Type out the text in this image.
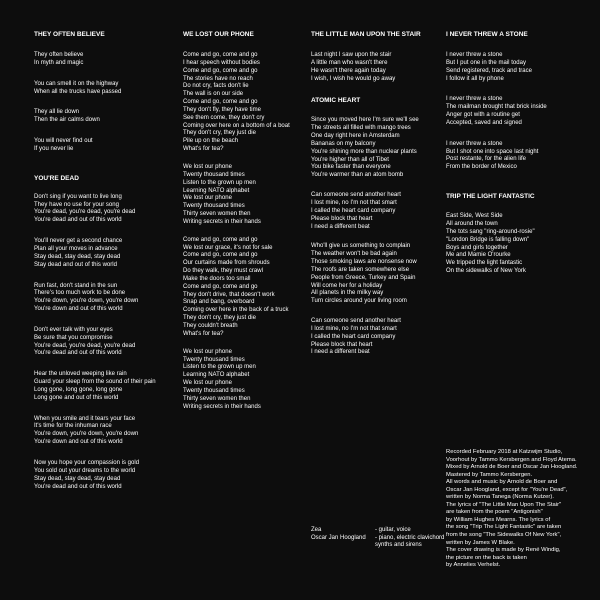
THEY OFTEN BELIEVE
They often believe
In myth and magic
You can smell it on the highway
When all the trucks have passed
They all lie down
Then the air calms down
You will never find out
If you never lie
YOU'RE DEAD
Don't sing if you want to live long
They have no use for your song
You're dead, you're dead, you're dead
You're dead and out of this world
You'll never get a second chance
Plan all your moves in advance
Stay dead, stay dead, stay dead
Stay dead and out of this world
Run fast, don't stand in the sun
There's too much work to be done
You're down, you're down, you're down
You're down and out of this world
Don't ever talk with your eyes
Be sure that you compromise
You're dead, you're dead, you're dead
You're dead and out of this world
Hear the unloved weeping like rain
Guard your sleep from the sound of their pain
Long gone, long gone, long gone
Long gone and out of this world
When you smile and it tears your face
It's time for the inhuman race
You're down, you're down, you're down
You're down and out of this world
Now you hope your compassion is gold
You sold out your dreams to the world
Stay dead, stay dead, stay dead
You're dead and out of this world
WE LOST OUR PHONE
Come and go, come and go
I hear speech without bodies
Come and go, come and go
The stories have no reach
Do not cry, facts don't lie
The wall is on our side
Come and go, come and go
They don't fly, they have time
See them come, they don't cry
Coming over here on a bottom of a boat
They don't cry, they just die
Pile up on the beach
What's for tea?
We lost our phone
Twenty thousand times
Listen to the grown up men
Learning NATO alphabet
We lost our phone
Twenty thousand times
Thirty seven women then
Writing secrets in their hands
Come and go, come and go
We lost our grace, it's not for sale
Come and go, come and go
Our curtains made from shrouds
Do they walk, they must crawl
Make the doors too small
Come and go, come and go
They don't drive, that doesn't work
Snap and bang, overboard
Coming over here in the back of a truck
They don't cry, they just die
They couldn't breath
What's for tea?
We lost our phone
Twenty thousand times
Listen to the grown up men
Learning NATO alphabet
We lost our phone
Twenty thousand times
Thirty seven women then
Writing secrets in their hands
THE LITTLE MAN UPON THE STAIR
Last night I saw upon the stair
A little man who wasn't there
He wasn't there again today
I wish, I wish he would go away
ATOMIC HEART
Since you moved here I'm sure we'll see
The streets all filled with mango trees
One day right here in Amsterdam
Bananas on my balcony
You're shining more than nuclear plants
You're higher than all of Tibet
You bike faster than everyone
You're warmer than an atom bomb
Can someone send another heart
I lost mine, no I'm not that smart
I called the heart card company
Please block that heart
I need a different beat
Who'll give us something to complain
The weather won't be bad again
Those smoking laws are nonsense now
The roofs are taken somewhere else
People from Greece, Turkey and Spain
Will come her for a holiday
All planets in the milky way
Turn circles around your living room
Can someone send another heart
I lost mine, no I'm not that smart
I called the heart card company
Please block that heart
I need a different beat
Zea	- guitar, voice
Oscar Jan Hoogland	- piano, electric clavichord
synths and sirens
I NEVER THREW A STONE
I never threw a stone
But I put one in the mail today
Send registered, track and trace
I follow it all by phone
I never threw a stone
The mailman brought that brick inside
Anger got with a routine get
Accepted, saved and signed
I never threw a stone
But I shot one into space last night
Post restante, for the alien life
From the border of Mexico
TRIP THE LIGHT FANTASTIC
East Side, West Side
All around the town
The tots sang "ring-around-rosie"
"London Bridge is falling down"
Boys and girls together
Me and Mamie O'rourke
We tripped the light fantastic
On the sidewalks of New York
Recorded February 2018 at Katzwijm Studio,
Voorhout by Tammo Kersbergen and Floyd Atema.
Mixed by Arnold de Boer and Oscar Jan Hoogland.
Mastered by Tammo Kersbergen.
All words and music by Arnold de Boer and
Oscar Jan Hoogland, except for "You're Dead",
written by Norma Tanega (Norma Kutzer).
The lyrics of "The Little Man Upon The Stair"
are taken from the poem "Antigonish"
by William Hughes Mearns. The lyrics of
the song "Trip The Light Fantastic" are taken
from the song "The Sidewalks Of New York",
written by James W Blake.
The cover drawing is made by René Windig,
the picture on the back is taken
by Annelies Verhelst.
